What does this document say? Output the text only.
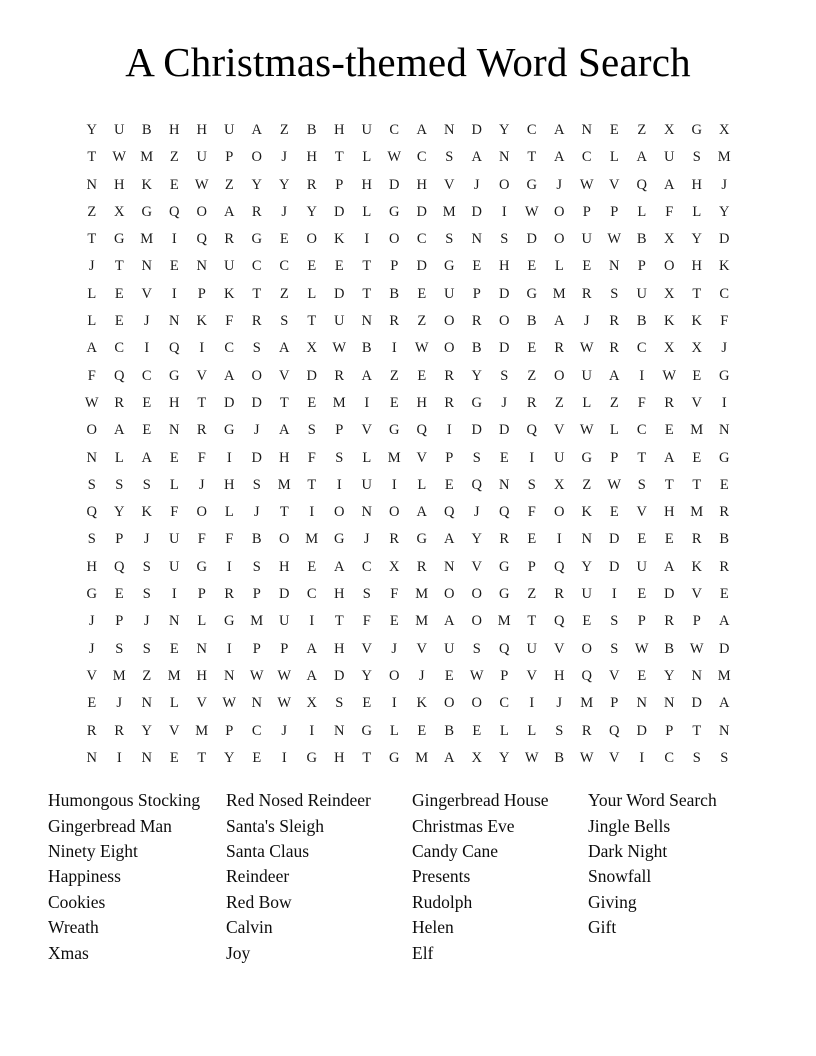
A Christmas-themed Word Search
Y	U	B	H	H	U	A	Z	B	H	U	C	A	N	D	Y	C	A	N	E	Z	X	G	X
T	W	M	Z	U	P	O	J	H	T	L	W	C	S	A	N	T	A	C	L	A	U	S	M
N	H	K	E	W	Z	Y	Y	R	P	H	D	H	V	J	O	G	J	W	V	Q	A	H	J
Z	X	G	Q	O	A	R	J	Y	D	L	G	D	M	D	I	W	O	P	P	L	F	L	Y
T	G	M	I	Q	R	G	E	O	K	I	O	C	S	N	S	D	O	U	W	B	X	Y	D
J	T	N	E	N	U	C	C	E	E	T	P	D	G	E	H	E	L	E	N	P	O	H	K
L	E	V	I	P	K	T	Z	L	D	T	B	E	U	P	D	G	M	R	S	U	X	T	C
L	E	J	N	K	F	R	S	T	U	N	R	Z	O	R	O	B	A	J	R	B	K	K	F
A	C	I	Q	I	C	S	A	X	W	B	I	W	O	B	D	E	R	W	R	C	X	X	J
F	Q	C	G	V	A	O	V	D	R	A	Z	E	R	Y	S	Z	O	U	A	I	W	E	G
W	R	E	H	T	D	D	T	E	M	I	E	H	R	G	J	R	Z	L	Z	F	R	V	I
O	A	E	N	R	G	J	A	S	P	V	G	Q	I	D	D	Q	V	W	L	C	E	M	N
N	L	A	E	F	I	D	H	F	S	L	M	V	P	S	E	I	U	G	P	T	A	E	G
S	S	S	L	J	H	S	M	T	I	U	I	L	E	Q	N	S	X	Z	W	S	T	T	E
Q	Y	K	F	O	L	J	T	I	O	N	O	A	Q	J	Q	F	O	K	E	V	H	M	R
S	P	J	U	F	F	B	O	M	G	J	R	G	A	Y	R	E	I	N	D	E	E	R	B
H	Q	S	U	G	I	S	H	E	A	C	X	R	N	V	G	P	Q	Y	D	U	A	K	R
G	E	S	I	P	R	P	D	C	H	S	F	M	O	O	G	Z	R	U	I	E	D	V	E
J	P	J	N	L	G	M	U	I	T	F	E	M	A	O	M	T	Q	E	S	P	R	P	A
J	S	S	E	N	I	P	P	A	H	V	J	V	U	S	Q	U	V	O	S	W	B	W	D
V	M	Z	M	H	N	W	W	A	D	Y	O	J	E	W	P	V	H	Q	V	E	Y	N	M
E	J	N	L	V	W	N	W	X	S	E	I	K	O	O	C	I	J	M	P	N	N	D	A
R	R	Y	V	M	P	C	J	I	N	G	L	E	B	E	L	L	S	R	Q	D	P	T	N
N	I	N	E	T	Y	E	I	G	H	T	G	M	A	X	Y	W	B	W	V	I	C	S	S
Humongous Stocking
Gingerbread Man
Ninety Eight
Happiness
Cookies
Wreath
Xmas
Red Nosed Reindeer
Santa's Sleigh
Santa Claus
Reindeer
Red Bow
Calvin
Joy
Gingerbread House
Christmas Eve
Candy Cane
Presents
Rudolph
Helen
Elf
Your Word Search
Jingle Bells
Dark Night
Snowfall
Giving
Gift
